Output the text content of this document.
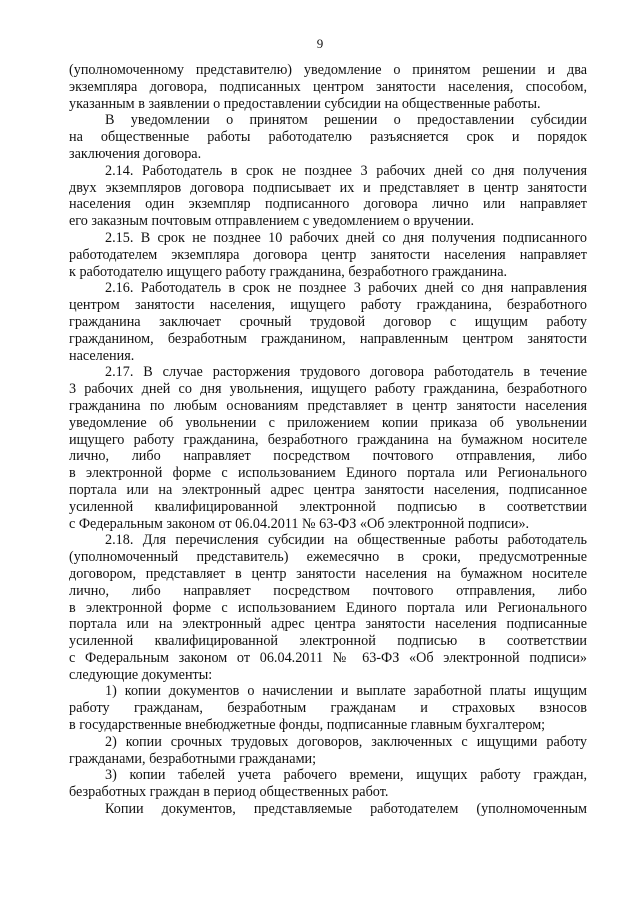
9

(уполномоченному представителю) уведомление о принятом решении и два

экземпляра договора, подписанных центром занятости населения, способом,

указанным в заявлении о предоставлении субсидии на общественные работы.

В уведомлении о принятом решении о предоставлении субсидии

на общественные работы работодателю разъясняется срок и порядок

заключения договора.

2.14. Работодатель в срок не позднее 3 рабочих дней со дня получения

двух экземпляров договора подписывает их и представляет в центр занятости

населения один экземпляр подписанного договора лично или направляет

его заказным почтовым отправлением с уведомлением о вручении.

2.15. В срок не позднее 10 рабочих дней со дня получения подписанного

работодателем экземпляра договора центр занятости населения направляет

к работодателю ищущего работу гражданина, безработного гражданина.

2.16. Работодатель в срок не позднее 3 рабочих дней со дня направления

центром занятости населения, ищущего работу гражданина, безработного

гражданина заключает срочный трудовой договор с ищущим работу

гражданином, безработным гражданином, направленным центром занятости

населения.

2.17. В случае расторжения трудового договора работодатель в течение

3 рабочих дней со дня увольнения, ищущего работу гражданина, безработного

гражданина по любым основаниям представляет в центр занятости населения

уведомление об увольнении с приложением копии приказа об увольнении

ищущего работу гражданина, безработного гражданина на бумажном носителе

лично, либо направляет посредством почтового отправления, либо

в электронной форме с использованием Единого портала или Регионального

портала или на электронный адрес центра занятости населения, подписанное

усиленной квалифицированной электронной подписью в соответствии

с Федеральным законом от 06.04.2011 № 63-ФЗ «Об электронной подписи».

2.18. Для перечисления субсидии на общественные работы работодатель

(уполномоченный представитель) ежемесячно в сроки, предусмотренные

договором, представляет в центр занятости населения на бумажном носителе

лично, либо направляет посредством почтового отправления, либо

в электронной форме с использованием Единого портала или Регионального

портала или на электронный адрес центра занятости населения подписанные

усиленной квалифицированной электронной подписью в соответствии

с Федеральным законом от 06.04.2011 № 63-ФЗ «Об электронной подписи»

следующие документы:

1) копии документов о начислении и выплате заработной платы ищущим

работу гражданам, безработным гражданам и страховых взносов

в государственные внебюджетные фонды, подписанные главным бухгалтером;

2) копии срочных трудовых договоров, заключенных с ищущими работу

гражданами, безработными гражданами;

3) копии табелей учета рабочего времени, ищущих работу граждан,

безработных граждан в период общественных работ.

Копии документов, представляемые работодателем (уполномоченным
